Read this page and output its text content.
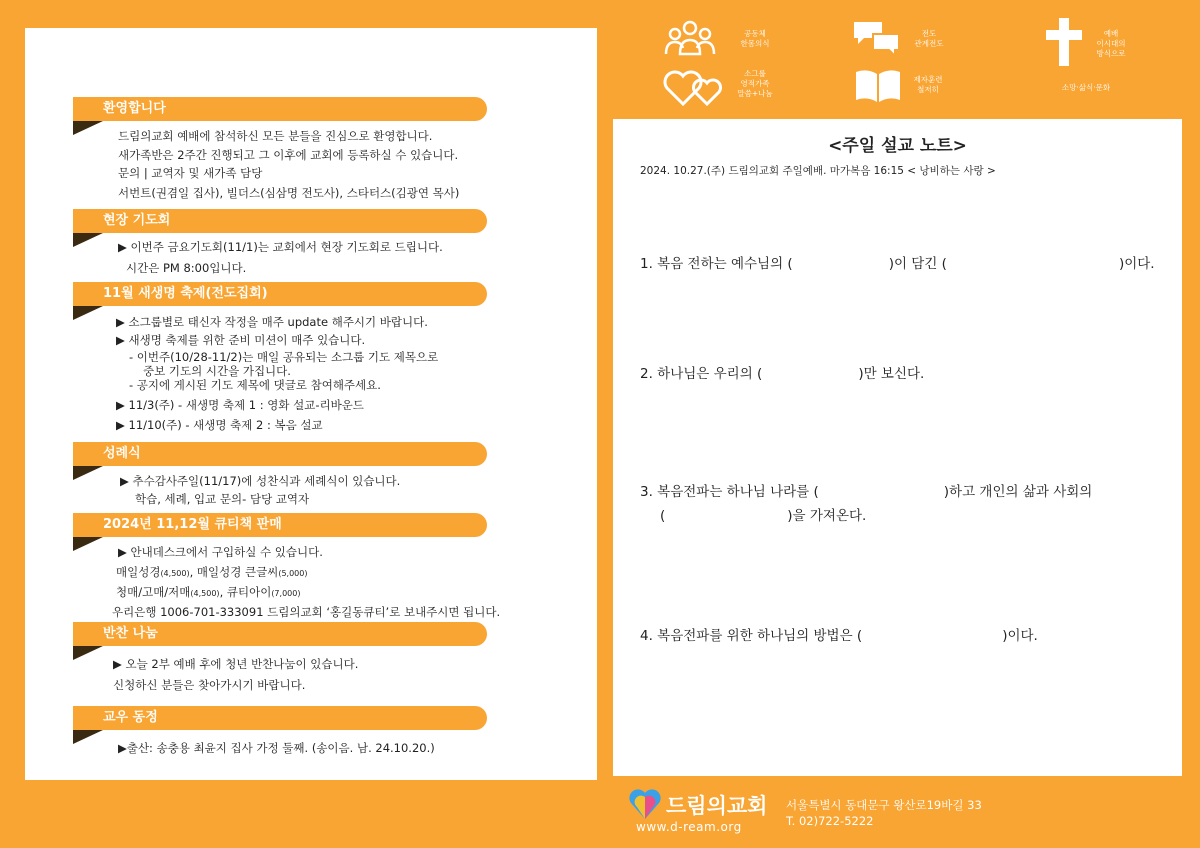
환영합니다
드림의교회 예배에 참석하신 모든 분들을 진심으로 환영합니다.
새가족반은 2주간 진행되고 그 이후에 교회에 등록하실 수 있습니다.
문의 | 교역자 및 새가족 담당
서번트(권겸일 집사), 빌더스(심삼명 전도사), 스타터스(김광연 목사)
현장 기도회
▶ 이번주 금요기도회(11/1)는 교회에서 현장 기도회로 드립니다.
시간은 PM 8:00입니다.
11월 새생명 축제(전도집회)
▶ 소그룹별로 태신자 작정을 매주 update 해주시기 바랍니다.
▶ 새생명 축제를 위한 준비 미션이 매주 있습니다.
- 이번주(10/28-11/2)는 매일 공유되는 소그룹 기도 제목으로
중보 기도의 시간을 가집니다.
- 공지에 게시된 기도 제목에 댓글로 참여해주세요.
▶ 11/3(주) - 새생명 축제 1 : 영화 설교-리바운드
▶ 11/10(주) - 새생명 축제 2 : 복음 설교
성례식
▶ 추수감사주일(11/17)에 성찬식과 세례식이 있습니다.
학습, 세례, 입교 문의- 담당 교역자
2024년 11,12월 큐티책 판매
▶ 안내데스크에서 구입하실 수 있습니다.
매일성경(4,500), 매일성경 큰글씨(5,000)
청매/고매/저매(4,500), 큐티아이(7,000)
우리은행 1006-701-333091 드림의교회 ‘홍길동큐티’로 보내주시면 됩니다.
반찬 나눔
▶ 오늘 2부 예배 후에 청년 반찬나눔이 있습니다.
신청하신 분들은 찾아가시기 바랍니다.
교우 동정
▶출산: 송충용 최윤지 집사 가정 둘째. (송이음. 남. 24.10.20.)
공동체
한몸의식
전도
관계전도
예배
이시대의
방식으로
소그룹
영적가족
말씀+나눔
제자훈련
철저히	소망·삶식·문화
<주일 설교 노트>
2024. 10.27.(주) 드림의교회 주일예배. 마가복음 16:15 < 낭비하는 사랑 >
1. 복음 전하는 예수님의 (	)이 담긴 (	)이다.
2. 하나님은 우리의 (	)만 보신다.
3. 복음전파는 하나님 나라를 (	)하고 개인의 삶과 사회의
(	)을 가져온다.
4. 복음전파를 위한 하나님의 방법은 (	)이다.
드림의교회
www.d-ream.org
서울특별시 동대문구 왕산로19바길 33
T. 02)722-5222
